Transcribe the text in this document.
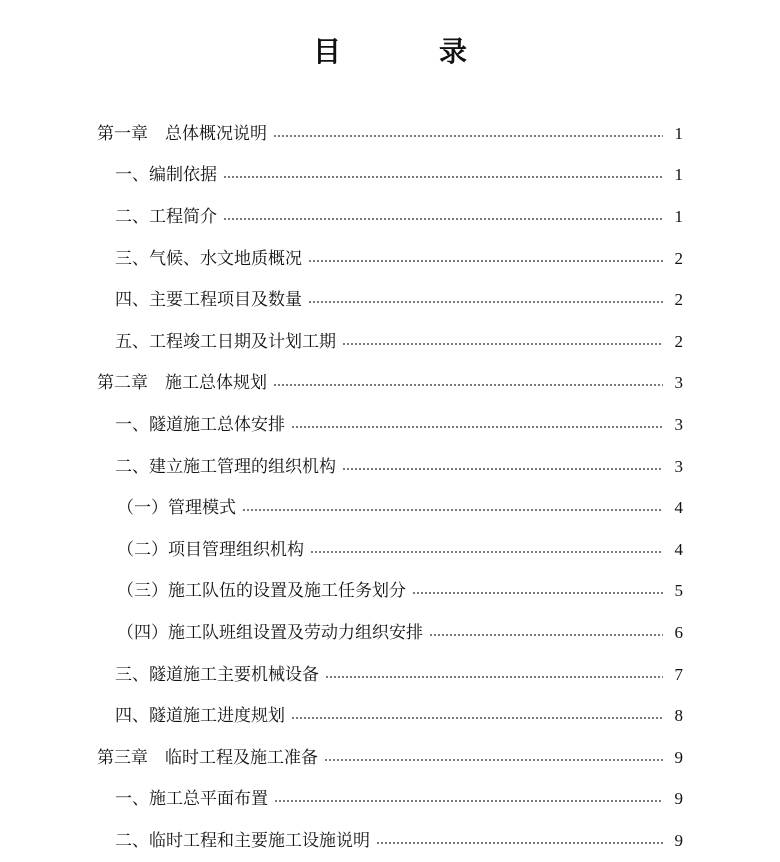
目	录
第一章　总体概况说明	1
一、编制依据	1
二、工程简介	1
三、气候、水文地质概况	2
四、主要工程项目及数量	2
五、工程竣工日期及计划工期	2
第二章　施工总体规划	3
一、隧道施工总体安排	3
二、建立施工管理的组织机构	3
（一）管理模式	4
（二）项目管理组织机构	4
（三）施工队伍的设置及施工任务划分	5
（四）施工队班组设置及劳动力组织安排	6
三、隧道施工主要机械设备	7
四、隧道施工进度规划	8
第三章　临时工程及施工准备	9
一、施工总平面布置	9
二、临时工程和主要施工设施说明	9
